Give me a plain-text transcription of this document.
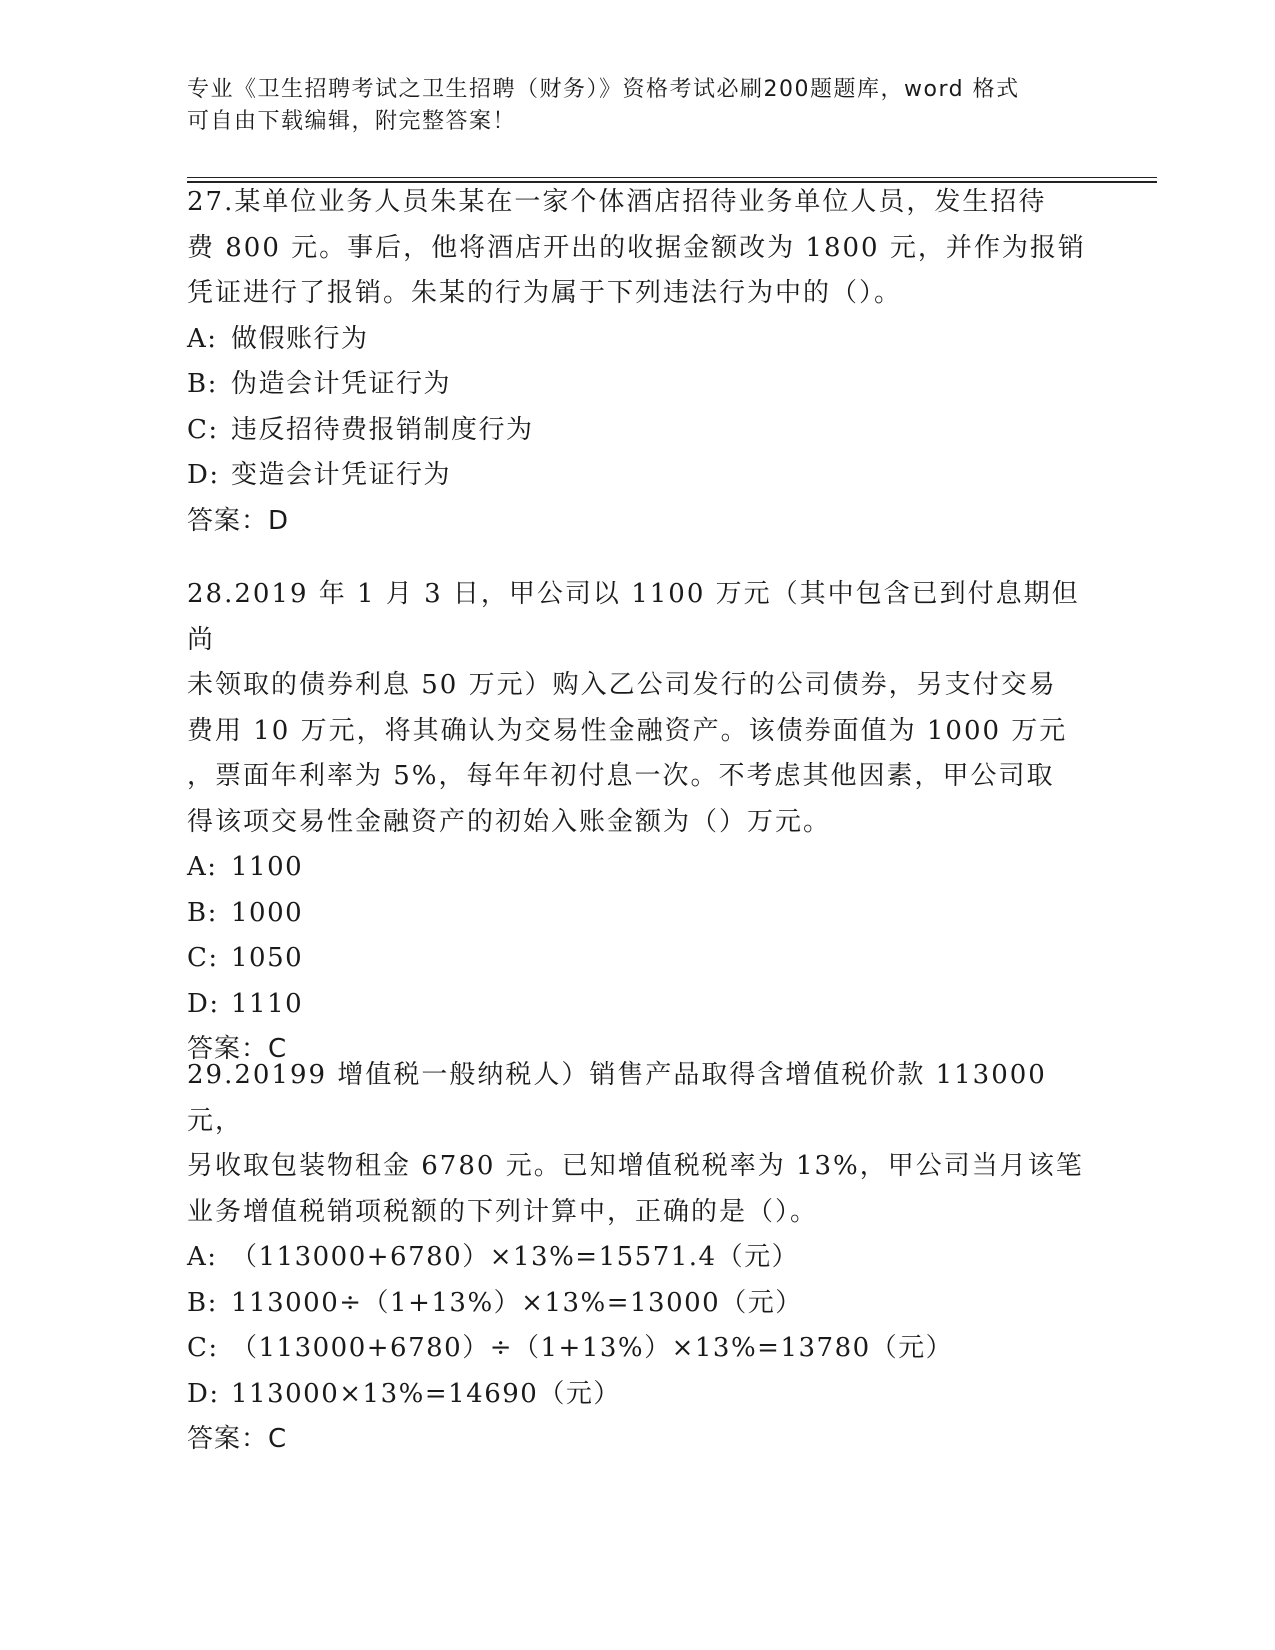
专业《卫生招聘考试之卫生招聘（财务）》资格考试必刷200题题库，word 格式
可自由下载编辑，附完整答案！

27.某单位业务人员朱某在一家个体酒店招待业务单位人员，发生招待

费 800 元。事后，他将酒店开出的收据金额改为 1800 元，并作为报销

凭证进行了报销。朱某的行为属于下列违法行为中的（）。

A: 做假账行为

B: 伪造会计凭证行为

C: 违反招待费报销制度行为

D: 变造会计凭证行为

答案：D

28.2019 年 1 月 3 日，甲公司以 1100 万元（其中包含已到付息期但尚

未领取的债券利息 50 万元）购入乙公司发行的公司债券，另支付交易

费用 10 万元，将其确认为交易性金融资产。该债券面值为 1000 万元

，票面年利率为 5%，每年年初付息一次。不考虑其他因素，甲公司取

得该项交易性金融资产的初始入账金额为（）万元。

A: 1100

B: 1000

C: 1050

D: 1110

答案：C

29.20199 增值税一般纳税人）销售产品取得含增值税价款 113000 元，

另收取包装物租金 6780 元。已知增值税税率为 13%，甲公司当月该笔

业务增值税销项税额的下列计算中，正确的是（）。

A: （113000+6780）×13%=15571.4（元）

B: 113000÷（1+13%）×13%=13000（元）

C: （113000+6780）÷（1+13%）×13%=13780（元）

D: 113000×13%=14690（元）

答案：C
